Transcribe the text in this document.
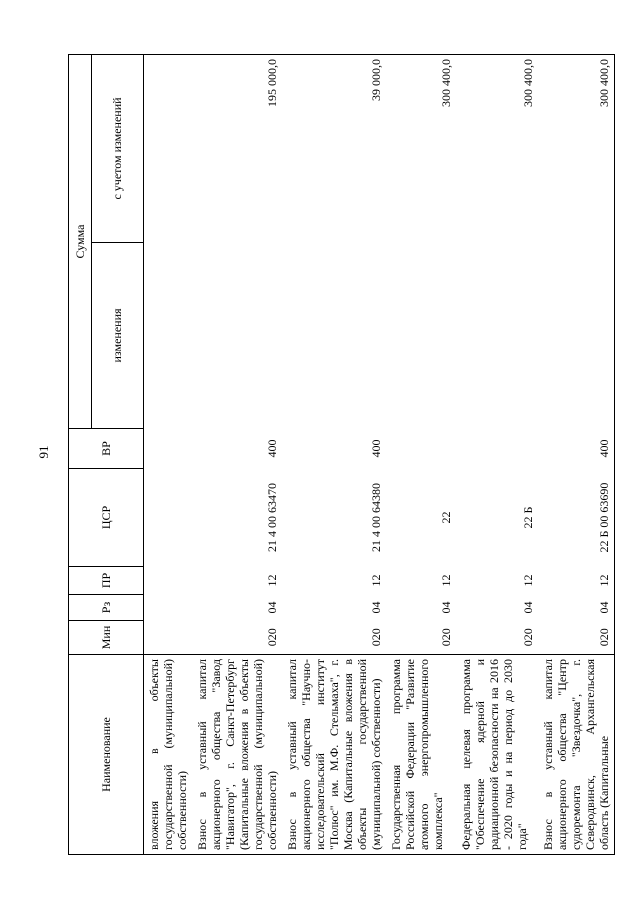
91
Наименование	Мин	Рз	ПР	ЦСР	ВР	Сумма	
						изменения	с учетом изменений
вложения в объекты государственной (муниципальной) собственности)							
Взнос в уставный капитал акционерного общества "Завод "Навигатор", г. Санкт-Петербург (Капитальные вложения в объекты государственной (муниципальной) собственности)	020	04	12	21 4 00 63470	400		195 000,0
Взнос в уставный капитал акционерного общества "Научно-исследовательский институт "Полюс" им. М.Ф. Стельмаха", г. Москва (Капитальные вложения в объекты государственной (муниципальной) собственности)	020	04	12	21 4 00 64380	400		39 000,0
Государственная программа Российской Федерации "Развитие атомного энергопромышленного комплекса"	020	04	12	22			300 400,0
Федеральная целевая программа "Обеспечение ядерной и радиационной безопасности на 2016 - 2020 годы и на период до 2030 года"	020	04	12	22 Б			300 400,0
Взнос в уставный капитал акционерного общества "Центр судоремонта "Звездочка", г. Северодвинск, Архангельская область (Капитальные	020	04	12	22 Б 00 63690	400		300 400,0
